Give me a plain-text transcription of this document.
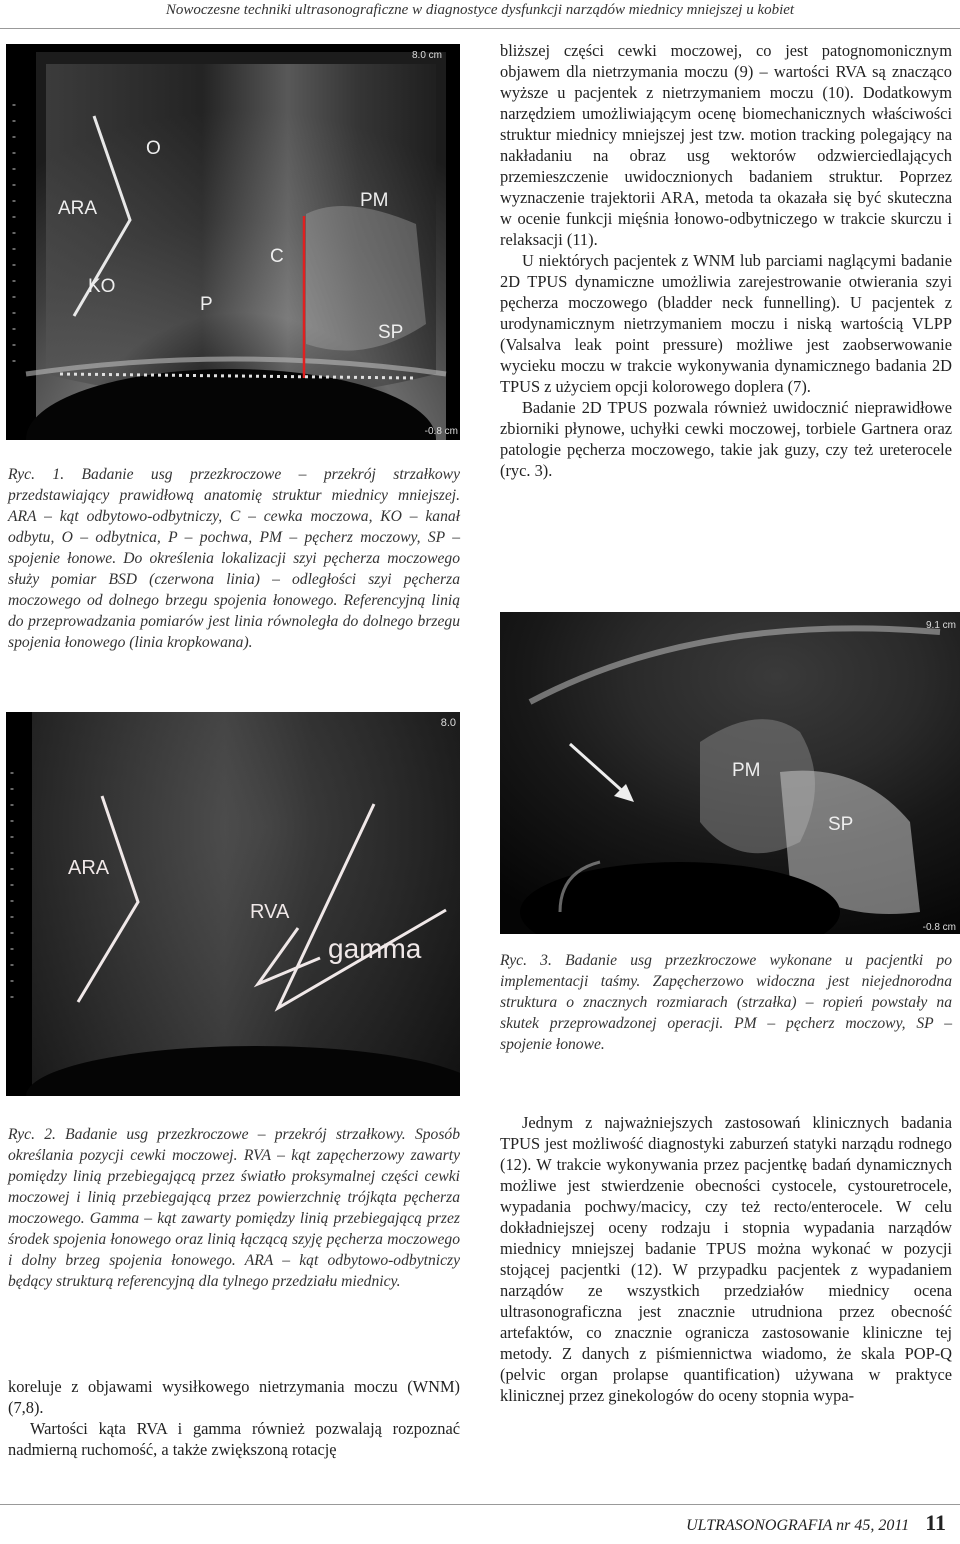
Nowoczesne techniki ultrasonograficzne w diagnostyce dysfunkcji narządów miednicy mniejszej u kobiet
8.0 cm
-0.8 cm
ARA
O
KO
C
P
PM
SP
Ryc. 1. Badanie usg przezkroczowe – przekrój strzałkowy przedstawiający prawidłową anatomię struktur miednicy mniejszej. ARA – kąt odbytowo-odbytniczy, C – cewka moczowa, KO – kanał odbytu, O – odbytnica, P – pochwa, PM – pęcherz moczowy, SP – spojenie łonowe. Do określenia lokalizacji szyi pęcherza moczowego służy pomiar BSD (czerwona linia) – odległości szyi pęcherza moczowego od dolnego brzegu spojenia łonowego. Referencyjną linią do przeprowadzania pomiarów jest linia równoległa do dolnego brzegu spojenia łonowego (linia kropkowana).

bliższej części cewki moczowej, co jest patognomonicznym objawem dla nietrzymania moczu (9) – wartości RVA są znacząco wyższe u pacjentek z nietrzymaniem moczu (10). Dodatkowym narzędziem umożliwiającym ocenę biomechanicznych właściwości struktur miednicy mniejszej jest tzw. motion tracking polegający na nakładaniu na obraz usg wektorów odzwierciedlających przemieszczenie uwidocznionych badaniem struktur. Poprzez wyznaczenie trajektorii ARA, metoda ta okazała się być skuteczna w ocenie funkcji mięśnia łonowo-odbytniczego w trakcie skurczu i relaksacji (11).

U niektórych pacjentek z WNM lub parciami naglącymi badanie 2D TPUS dynamiczne umożliwia zarejestrowanie otwierania szyi pęcherza moczowego (bladder neck funnelling). U pacjentek z urodynamicznym nietrzymaniem moczu i niską wartością VLPP (Valsalva leak point pressure) możliwe jest zaobserwowanie wycieku moczu w trakcie wykonywania dynamicznego badania 2D TPUS z użyciem opcji kolorowego doplera (7).

Badanie 2D TPUS pozwala również uwidocznić nieprawidłowe zbiorniki płynowe, uchyłki cewki moczowej, torbiele Gartnera oraz patologie pęcherza moczowego, takie jak guzy, czy też ureterocele (ryc. 3).

9.1 cm
-0.8 cm
PM
SP
Ryc. 3. Badanie usg przezkroczowe wykonane u pacjentki po implementacji taśmy. Zapęcherzowo widoczna jest niejednorodna struktura o znacznych rozmiarach (strzałka) – ropień powstały na skutek przeprowadzonej operacji. PM – pęcherz moczowy, SP – spojenie łonowe.
8.0
ARA
RVA
gamma
Ryc. 2. Badanie usg przezkroczowe – przekrój strzałkowy. Sposób określania pozycji cewki moczowej. RVA – kąt zapęcherzowy zawarty pomiędzy linią przebiegającą przez światło proksymalnej części cewki moczowej i linią przebiegającą przez powierzchnię trójkąta pęcherza moczowego. Gamma – kąt zawarty pomiędzy linią przebiegającą przez środek spojenia łonowego oraz linią łączącą szyję pęcherza moczowego i dolny brzeg spojenia łonowego. ARA – kąt odbytowo-odbytniczy będący strukturą referencyjną dla tylnego przedziału miednicy.

koreluje z objawami wysiłkowego nietrzymania moczu (WNM) (7,8).

Wartości kąta RVA i gamma również pozwalają rozpoznać nadmierną ruchomość, a także zwiększoną rotację

Jednym z najważniejszych zastosowań klinicznych badania TPUS jest możliwość diagnostyki zaburzeń statyki narządu rodnego (12). W trakcie wykonywania przez pacjentkę badań dynamicznych możliwe jest stwierdzenie obecności cystocele, cystouretrocele, wypadania pochwy/macicy, czy też recto/enterocele. W celu dokładniejszej oceny rodzaju i stopnia wypadania narządów miednicy mniejszej badanie TPUS można wykonać w pozycji stojącej pacjentki (12). W przypadku pacjentek z wypadaniem narządów ze wszystkich przedziałów miednicy ocena ultrasonograficzna jest znacznie utrudniona przez obecność artefaktów, co znacznie ogranicza zastosowanie kliniczne tej metody. Z danych z piśmiennictwa wiadomo, że skala POP-Q (pelvic organ prolapse quantification) używana w praktyce klinicznej przez ginekologów do oceny stopnia wypa-

ULTRASONOGRAFIA nr 45, 2011 11
